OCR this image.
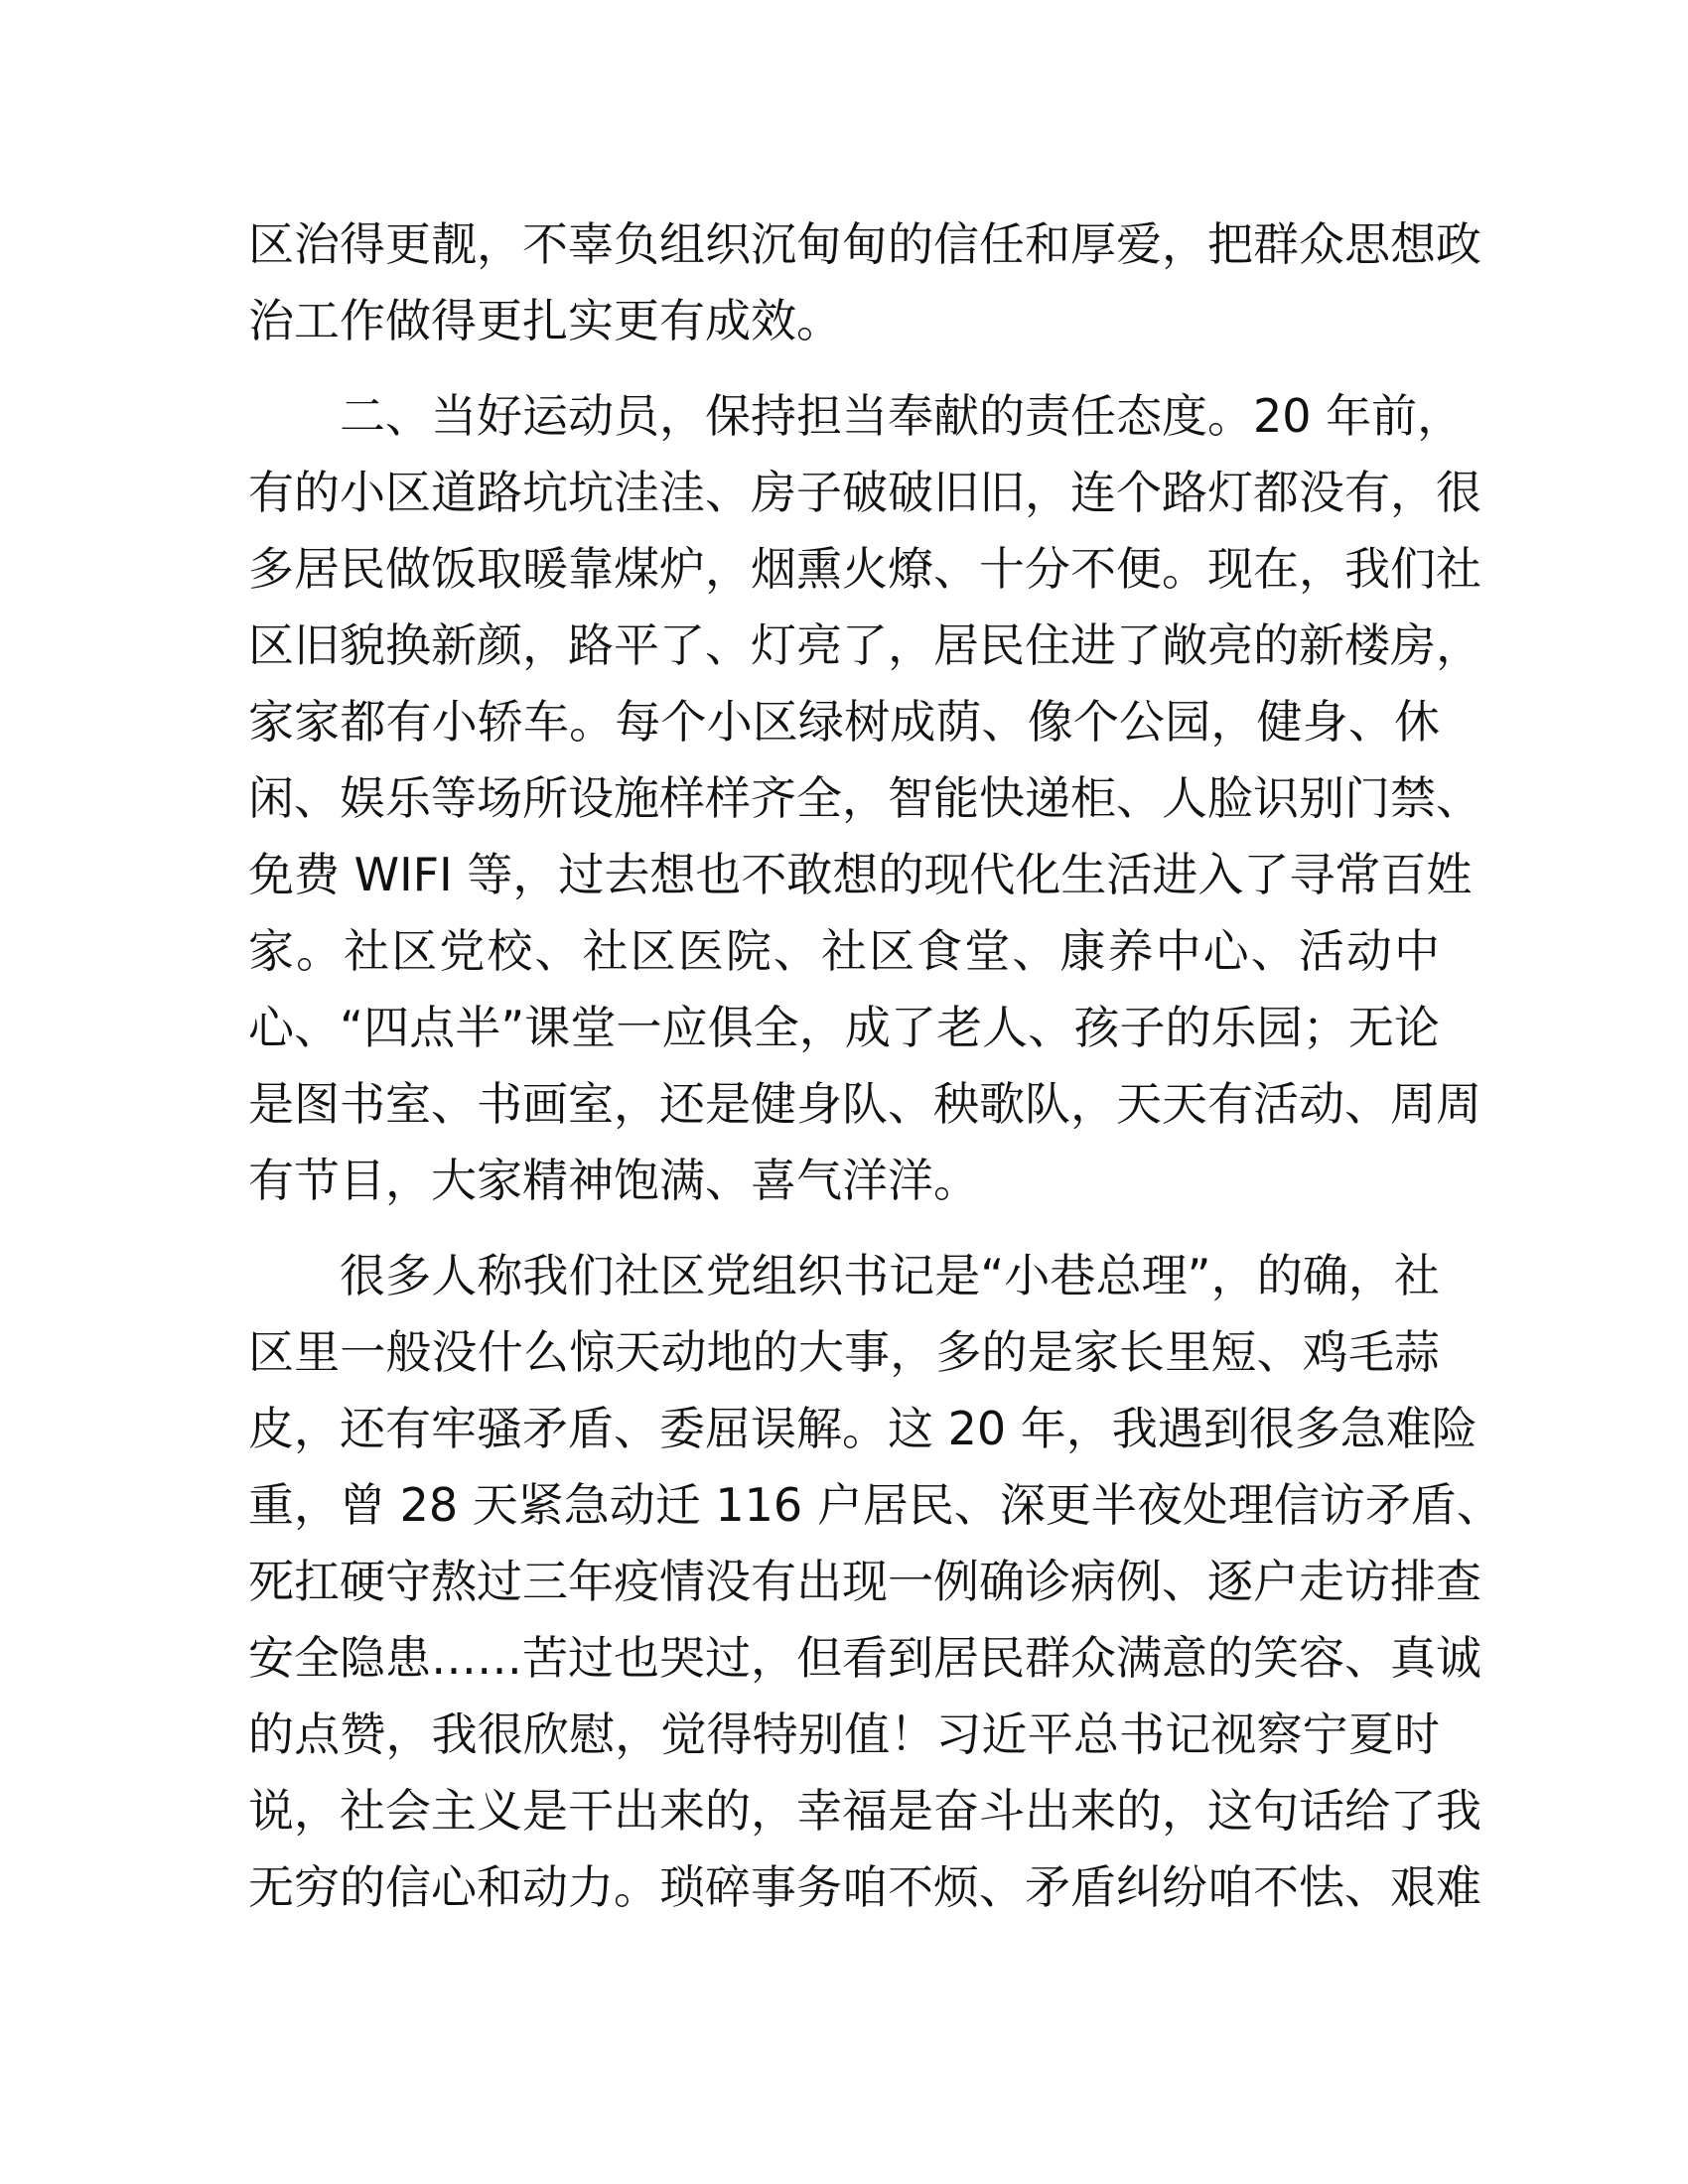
区治得更靓，不辜负组织沉甸甸的信任和厚爱，把群众思想政
治工作做得更扎实更有成效。
二、当好运动员，保持担当奉献的责任态度。20 年前，
有的小区道路坑坑洼洼、房子破破旧旧，连个路灯都没有，很
多居民做饭取暖靠煤炉，烟熏火燎、十分不便。现在，我们社
区旧貌换新颜，路平了、灯亮了，居民住进了敞亮的新楼房，
家家都有小轿车。每个小区绿树成荫、像个公园，健身、休
闲、娱乐等场所设施样样齐全，智能快递柜、人脸识别门禁、
免费 WIFI 等，过去想也不敢想的现代化生活进入了寻常百姓
家。社区党校、社区医院、社区食堂、康养中心、活动中
心、“四点半”课堂一应俱全，成了老人、孩子的乐园；无论
是图书室、书画室，还是健身队、秧歌队，天天有活动、周周
有节目，大家精神饱满、喜气洋洋。
很多人称我们社区党组织书记是“小巷总理”，的确，社
区里一般没什么惊天动地的大事，多的是家长里短、鸡毛蒜
皮，还有牢骚矛盾、委屈误解。这 20 年，我遇到很多急难险
重，曾 28 天紧急动迁 116 户居民、深更半夜处理信访矛盾、
死扛硬守熬过三年疫情没有出现一例确诊病例、逐户走访排查
安全隐患……苦过也哭过，但看到居民群众满意的笑容、真诚
的点赞，我很欣慰，觉得特别值！习近平总书记视察宁夏时
说，社会主义是干出来的，幸福是奋斗出来的，这句话给了我
无穷的信心和动力。琐碎事务咱不烦、矛盾纠纷咱不怯、艰难
